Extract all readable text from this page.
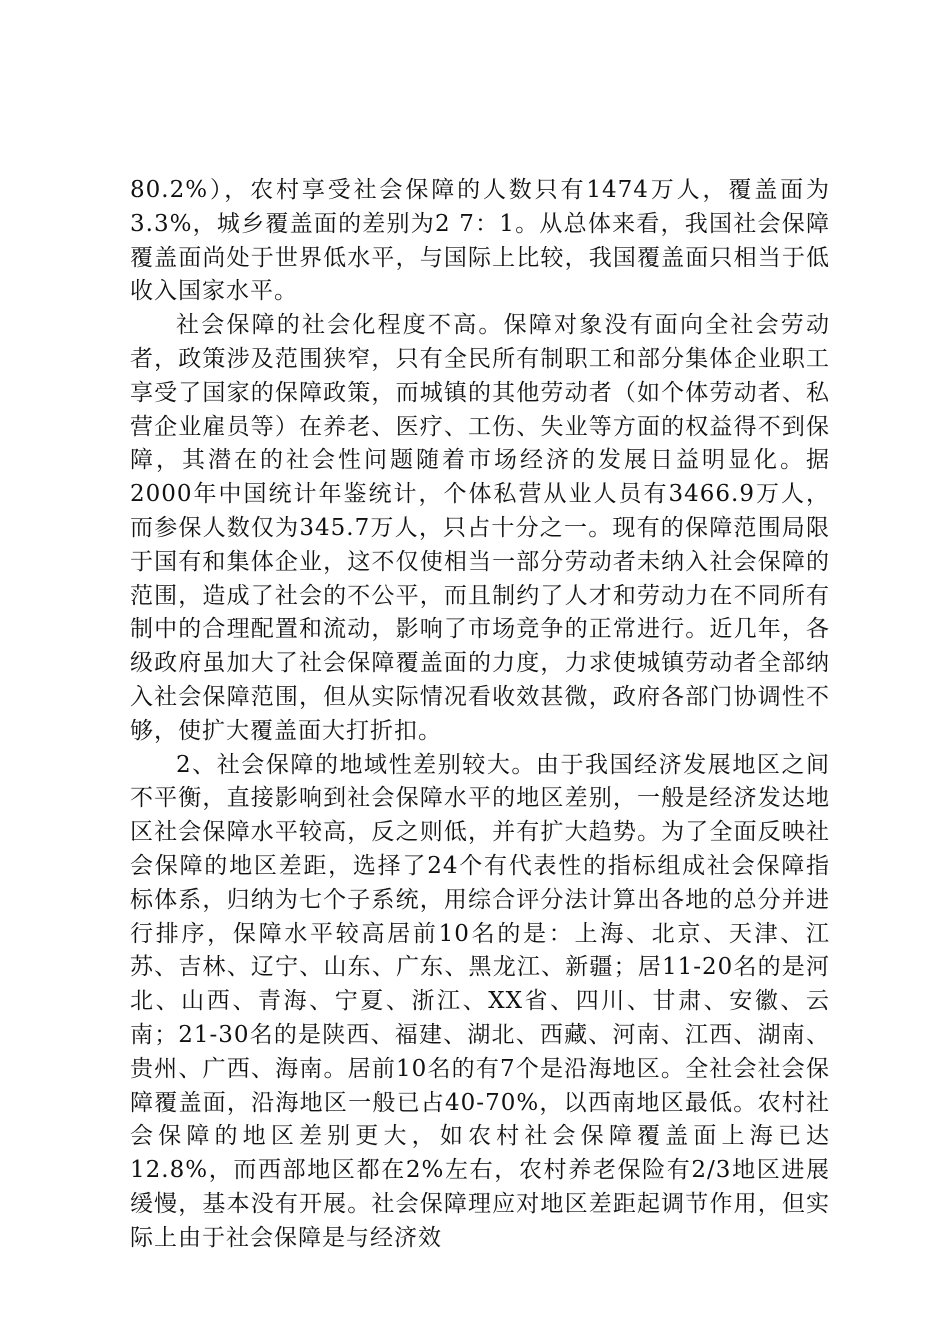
80.2%），农村享受社会保障的人数只有1474万人，覆盖面为3.3%，城乡覆盖面的差别为2 7：1。从总体来看，我国社会保障覆盖面尚处于世界低水平，与国际上比较，我国覆盖面只相当于低收入国家水平。

社会保障的社会化程度不高。保障对象没有面向全社会劳动者，政策涉及范围狭窄，只有全民所有制职工和部分集体企业职工享受了国家的保障政策，而城镇的其他劳动者（如个体劳动者、私营企业雇员等）在养老、医疗、工伤、失业等方面的权益得不到保障，其潜在的社会性问题随着市场经济的发展日益明显化。据2000年中国统计年鉴统计，个体私营从业人员有3466.9万人，而参保人数仅为345.7万人，只占十分之一。现有的保障范围局限于国有和集体企业，这不仅使相当一部分劳动者未纳入社会保障的范围，造成了社会的不公平，而且制约了人才和劳动力在不同所有制中的合理配置和流动，影响了市场竞争的正常进行。近几年，各级政府虽加大了社会保障覆盖面的力度，力求使城镇劳动者全部纳入社会保障范围，但从实际情况看收效甚微，政府各部门协调性不够，使扩大覆盖面大打折扣。

2、社会保障的地域性差别较大。由于我国经济发展地区之间不平衡，直接影响到社会保障水平的地区差别，一般是经济发达地区社会保障水平较高，反之则低，并有扩大趋势。为了全面反映社会保障的地区差距，选择了24个有代表性的指标组成社会保障指标体系，归纳为七个子系统，用综合评分法计算出各地的总分并进行排序，保障水平较高居前10名的是：上海、北京、天津、江苏、吉林、辽宁、山东、广东、黑龙江、新疆；居11-20名的是河北、山西、青海、宁夏、浙江、XX省、四川、甘肃、安徽、云南；21-30名的是陕西、福建、湖北、西藏、河南、江西、湖南、贵州、广西、海南。居前10名的有7个是沿海地区。全社会社会保障覆盖面，沿海地区一般已占40-70%，以西南地区最低。农村社会保障的地区差别更大，如农村社会保障覆盖面上海已达12.8%，而西部地区都在2%左右，农村养老保险有2/3地区进展缓慢，基本没有开展。社会保障理应对地区差距起调节作用，但实际上由于社会保障是与经济效
